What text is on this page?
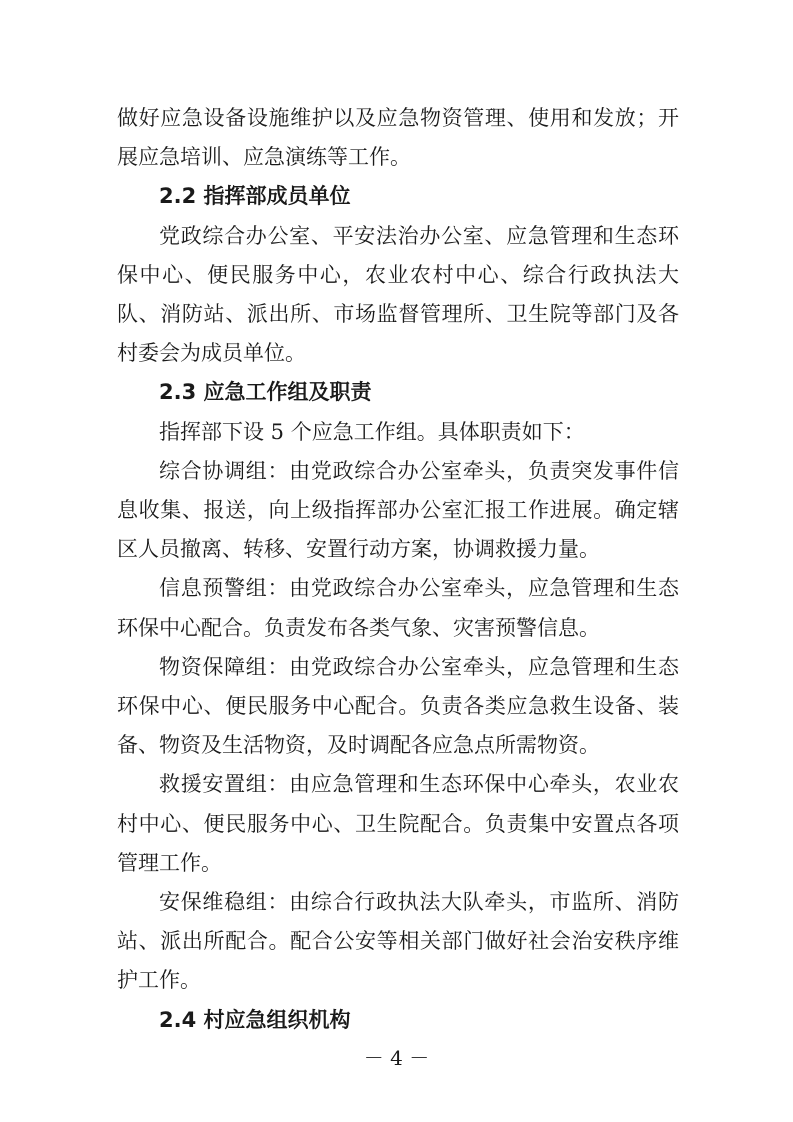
做好应急设备设施维护以及应急物资管理、使用和发放；开展应急培训、应急演练等工作。

2.2 指挥部成员单位

党政综合办公室、平安法治办公室、应急管理和生态环保中心、便民服务中心，农业农村中心、综合行政执法大队、消防站、派出所、市场监督管理所、卫生院等部门及各村委会为成员单位。

2.3 应急工作组及职责

指挥部下设 5 个应急工作组。具体职责如下：

综合协调组：由党政综合办公室牵头，负责突发事件信息收集、报送，向上级指挥部办公室汇报工作进展。确定辖区人员撤离、转移、安置行动方案，协调救援力量。

信息预警组：由党政综合办公室牵头，应急管理和生态环保中心配合。负责发布各类气象、灾害预警信息。

物资保障组：由党政综合办公室牵头，应急管理和生态环保中心、便民服务中心配合。负责各类应急救生设备、装备、物资及生活物资，及时调配各应急点所需物资。

救援安置组：由应急管理和生态环保中心牵头，农业农村中心、便民服务中心、卫生院配合。负责集中安置点各项管理工作。

安保维稳组：由综合行政执法大队牵头，市监所、消防站、派出所配合。配合公安等相关部门做好社会治安秩序维护工作。

2.4 村应急组织机构

－ 4 －
